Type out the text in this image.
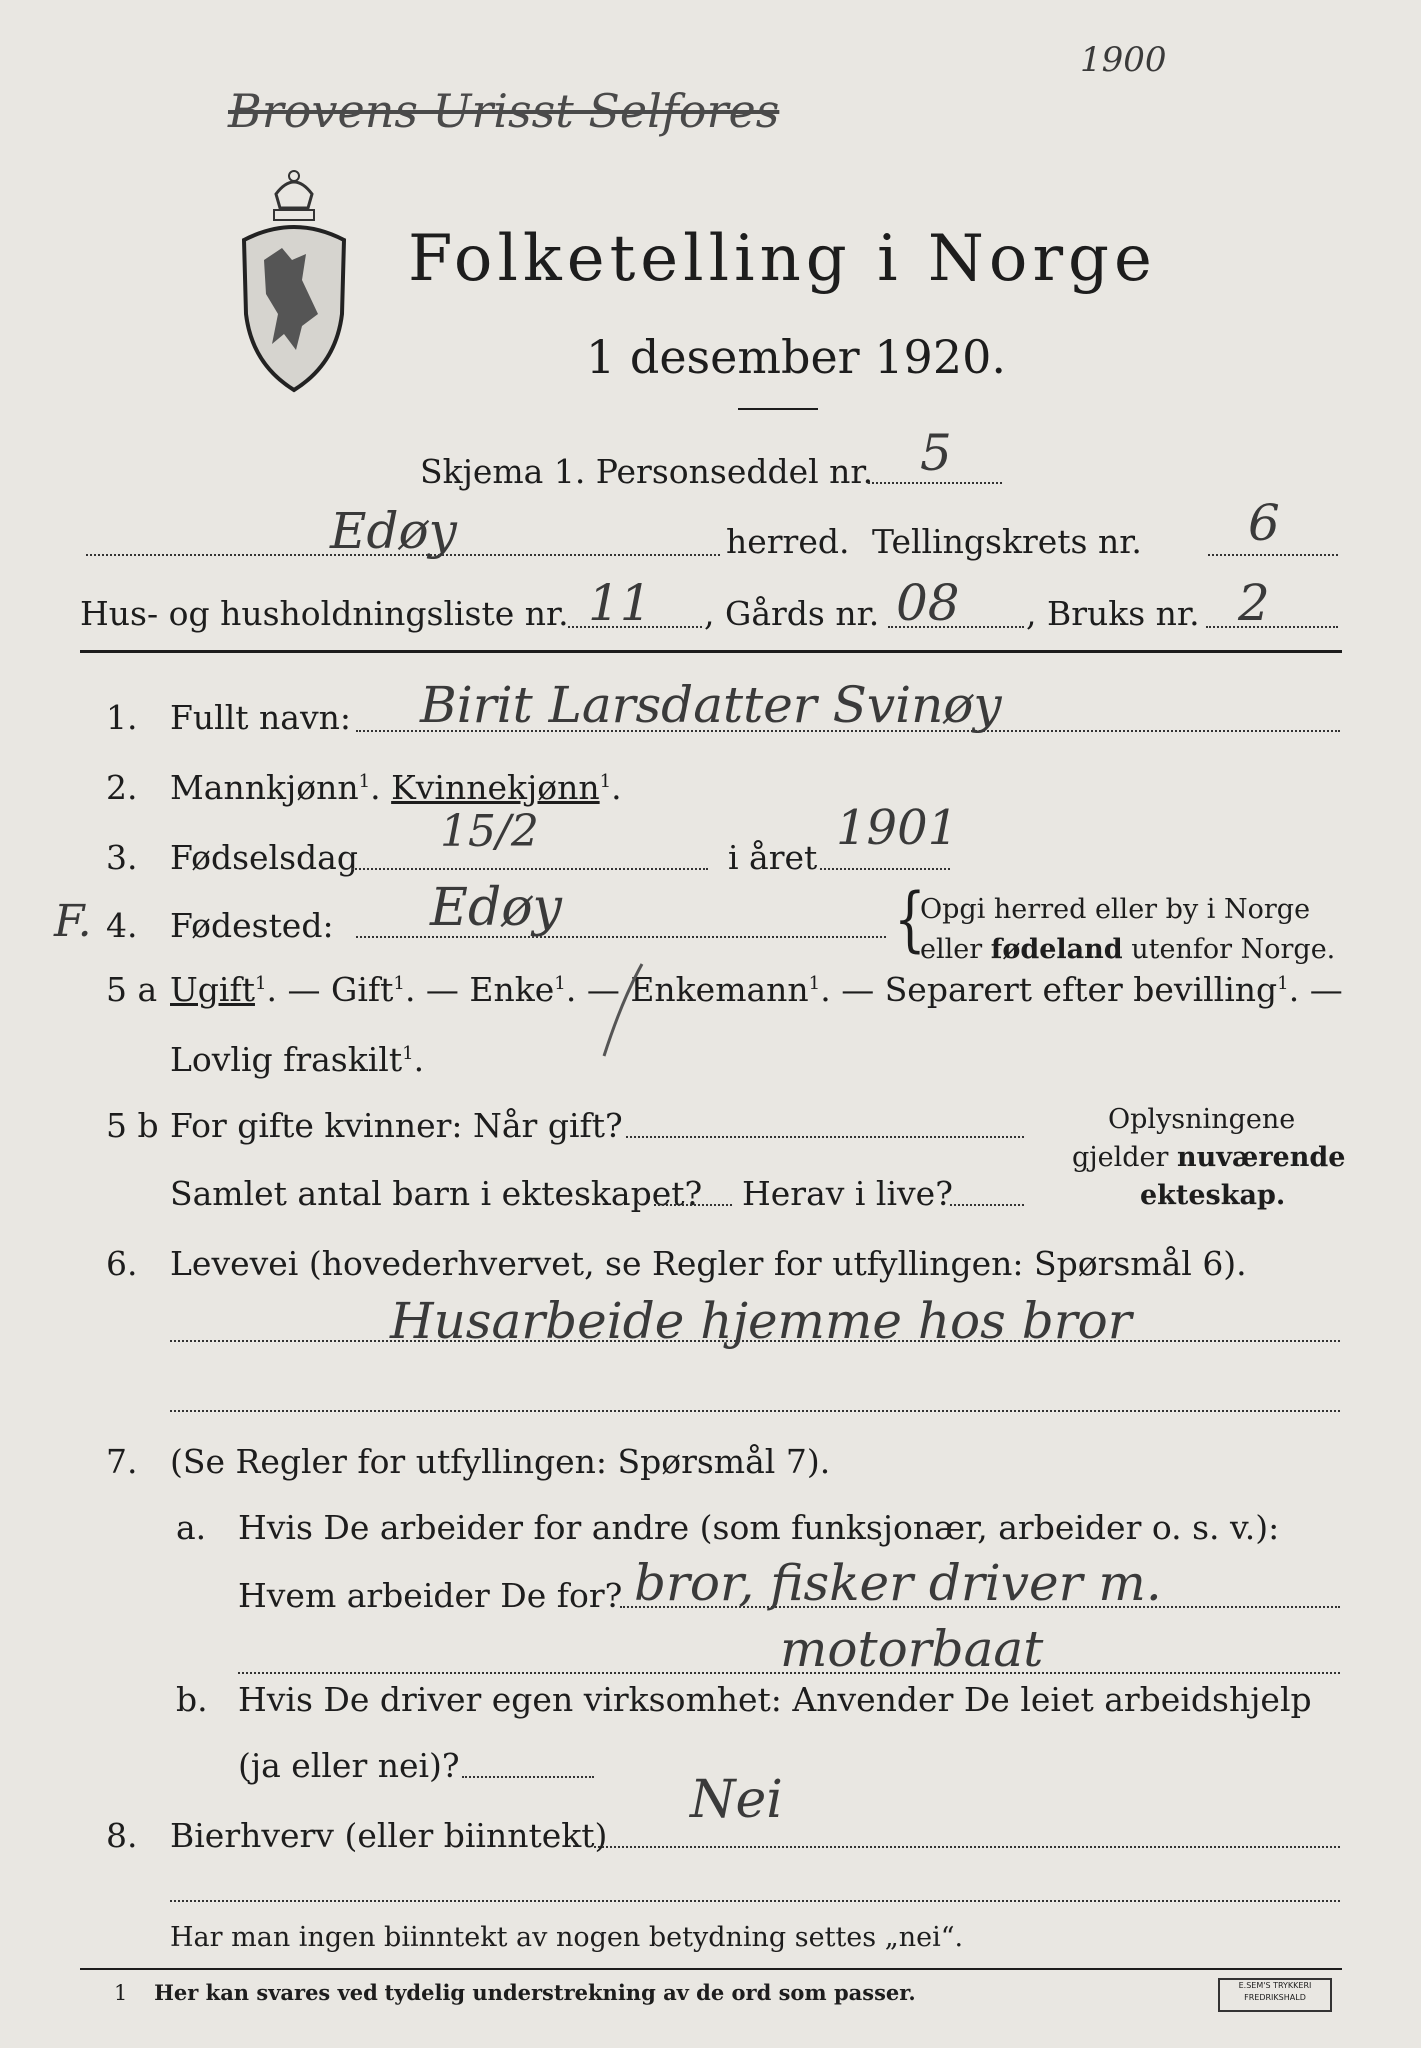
Brovens Urisst Selfores
1900
Folketelling i Norge
1 desember 1920.
Skjema 1. Personseddel nr. 5
Edøy	herred. Tellingskrets nr. 6
Hus- og husholdningsliste nr. 11 , Gårds nr. 08 , Bruks nr. 2
1. Fullt navn: Birit Larsdatter Svinøy
2. Mannkjønn$^1$. Kvinnekjønn$^1$.
3. Fødselsdag
15/2
i året
1901
F. 4. Fødested: Edøy	{
Opgi herred eller by i Norge
eller fødeland utenfor Norge.
5 a Ugift$^1$. — Gift$^1$. — Enke$^1$. — Enkemann$^1$. — Separert efter bevilling$^1$. —
Lovlig fraskilt$^1$.
5 b For gifte kvinner: Når gift?
Samlet antal barn i ekteskapet? Herav i live?
Oplysningene
gjelder nuværende
ekteskap.
6. Levevei (hovederhvervet, se Regler for utfyllingen: Spørsmål 6).
Husarbeide hjemme hos bror
7. (Se Regler for utfyllingen: Spørsmål 7).
a. Hvis De arbeider for andre (som funksjonær, arbeider o. s. v.):
Hvem arbeider De for? bror, fisker driver m.
motorbaat
b. Hvis De driver egen virksomhet: Anvender De leiet arbeidshjelp
(ja eller nei)?
8. Bierhverv (eller biinntekt)
Nei
Har man ingen biinntekt av nogen betydning settes „nei“.
1 Her kan svares ved tydelig understrekning av de ord som passer.	E.SEM'S TRYKKERI
FREDRIKSHALD
